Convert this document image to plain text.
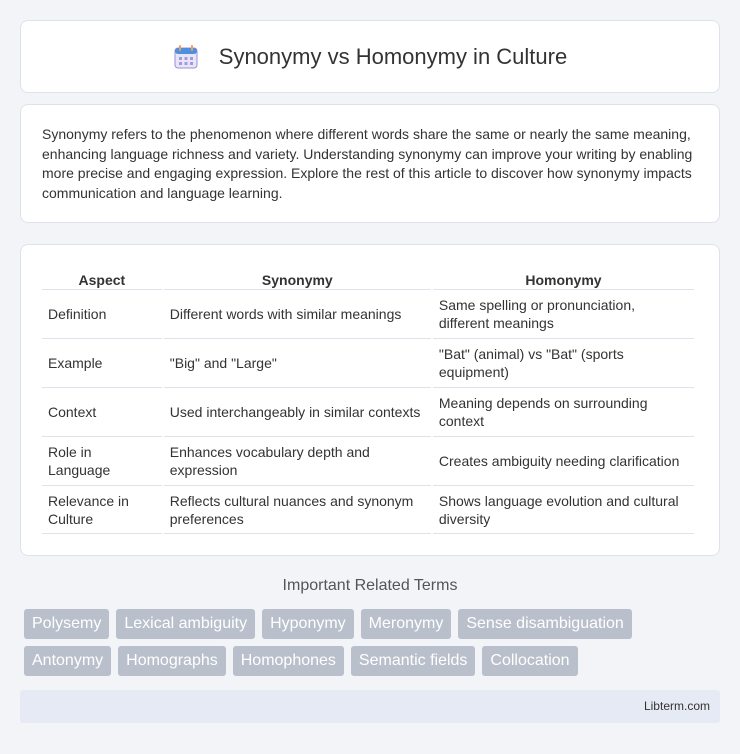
Synonymy vs Homonymy in Culture

Synonymy refers to the phenomenon where different words share the same or nearly the same meaning, enhancing language richness and variety. Understanding synonymy can improve your writing by enabling more precise and engaging expression. Explore the rest of this article to discover how synonymy impacts communication and language learning.

Aspect	Synonymy	Homonymy
Definition	Different words with similar meanings	Same spelling or pronunciation, different meanings
Example	"Big" and "Large"	"Bat" (animal) vs "Bat" (sports equipment)
Context	Used interchangeably in similar contexts	Meaning depends on surrounding context
Role in Language	Enhances vocabulary depth and expression	Creates ambiguity needing clarification
Relevance in Culture	Reflects cultural nuances and synonym preferences	Shows language evolution and cultural diversity
Important Related Terms
Polysemy	Lexical ambiguity	Hyponymy	Meronymy	Sense disambiguation
Antonymy	Homographs	Homophones	Semantic fields	Collocation
Libterm.com
